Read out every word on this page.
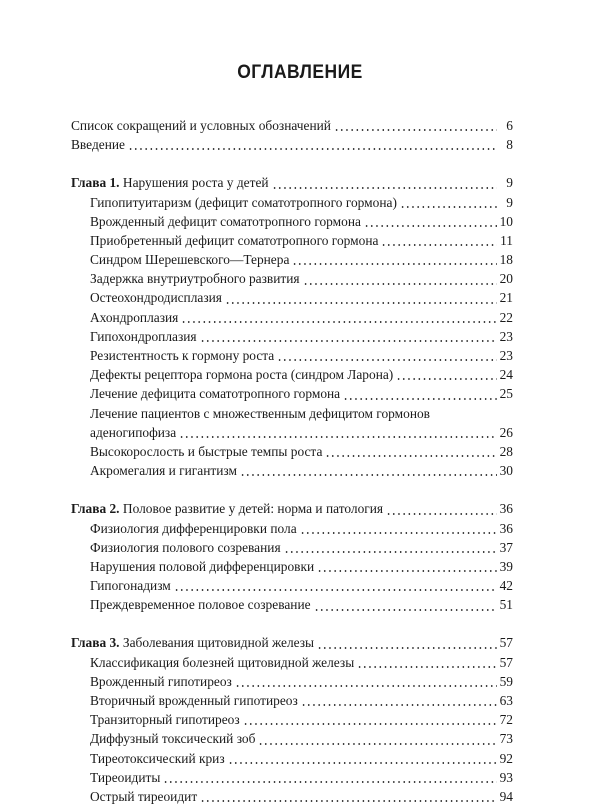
ОГЛАВЛЕНИЕ
Список сокращений и условных обозначений	6
Введение	8
Глава 1. Нарушения роста у детей	9
Гипопитуитаризм (дефицит соматотропного гормона)	9
Врожденный дефицит соматотропного гормона	10
Приобретенный дефицит соматотропного гормона	11
Синдром Шерешевского—Тернера	18
Задержка внутриутробного развития	20
Остеохондродисплазия	21
Ахондроплазия	22
Гипохондроплазия	23
Резистентность к гормону роста	23
Дефекты рецептора гормона роста (синдром Ларона)	24
Лечение дефицита соматотропного гормона	25
Лечение пациентов с множественным дефицитом гормонов
аденогипофиза	26
Высокорослость и быстрые темпы роста	28
Акромегалия и гигантизм	30
Глава 2. Половое развитие у детей: норма и патология	36
Физиология дифференцировки пола	36
Физиология полового созревания	37
Нарушения половой дифференцировки	39
Гипогонадизм	42
Преждевременное половое созревание	51
Глава 3. Заболевания щитовидной железы	57
Классификация болезней щитовидной железы	57
Врожденный гипотиреоз	59
Вторичный врожденный гипотиреоз	63
Транзиторный гипотиреоз	72
Диффузный токсический зоб	73
Тиреотоксический криз	92
Тиреоидиты	93
Острый тиреоидит	94
